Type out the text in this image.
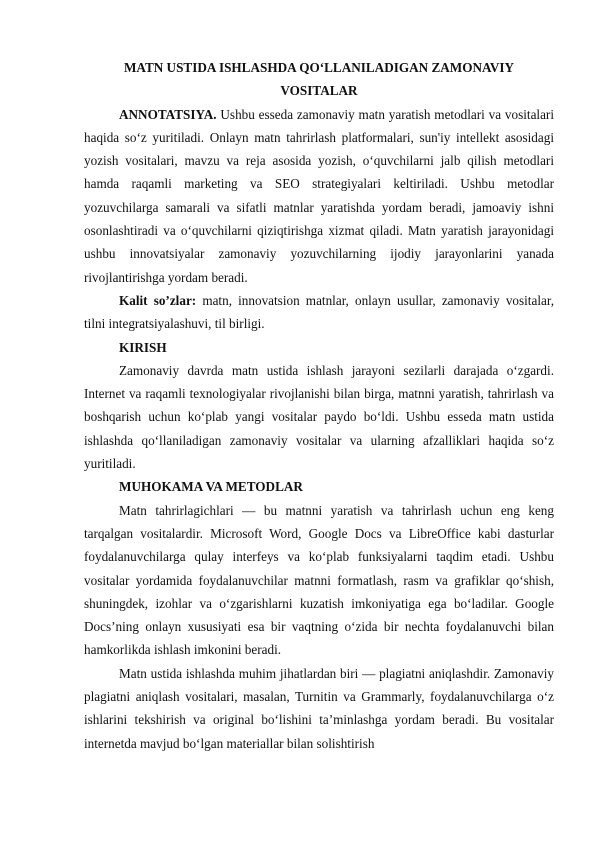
MATN USTIDA ISHLASHDA QO‘LLANILADIGAN ZAMONAVIY VOSITALAR

ANNOTATSIYA. Ushbu esseda zamonaviy matn yaratish metodlari va vositalari haqida so‘z yuritiladi. Onlayn matn tahrirlash platformalari, sun'iy intellekt asosidagi yozish vositalari, mavzu va reja asosida yozish, o‘quvchilarni jalb qilish metodlari hamda raqamli marketing va SEO strategiyalari keltiriladi. Ushbu metodlar yozuvchilarga samarali va sifatli matnlar yaratishda yordam beradi, jamoaviy ishni osonlashtiradi va o‘quvchilarni qiziqtirishga xizmat qiladi. Matn yaratish jarayonidagi ushbu innovatsiyalar zamonaviy yozuvchilarning ijodiy jarayonlarini yanada rivojlantirishga yordam beradi.

Kalit so’zlar: matn, innovatsion matnlar, onlayn usullar, zamonaviy vositalar, tilni integratsiyalashuvi, til birligi.

KIRISH

Zamonaviy davrda matn ustida ishlash jarayoni sezilarli darajada o‘zgardi. Internet va raqamli texnologiyalar rivojlanishi bilan birga, matnni yaratish, tahrirlash va boshqarish uchun ko‘plab yangi vositalar paydo bo‘ldi. Ushbu esseda matn ustida ishlashda qo‘llaniladigan zamonaviy vositalar va ularning afzalliklari haqida so‘z yuritiladi.

MUHOKAMA VA METODLAR

Matn tahrirlagichlari — bu matnni yaratish va tahrirlash uchun eng keng tarqalgan vositalardir. Microsoft Word, Google Docs va LibreOffice kabi dasturlar foydalanuvchilarga qulay interfeys va ko‘plab funksiyalarni taqdim etadi. Ushbu vositalar yordamida foydalanuvchilar matnni formatlash, rasm va grafiklar qo‘shish, shuningdek, izohlar va o‘zgarishlarni kuzatish imkoniyatiga ega bo‘ladilar. Google Docs’ning onlayn xususiyati esa bir vaqtning o‘zida bir nechta foydalanuvchi bilan hamkorlikda ishlash imkonini beradi.

Matn ustida ishlashda muhim jihatlardan biri — plagiatni aniqlashdir. Zamonaviy plagiatni aniqlash vositalari, masalan, Turnitin va Grammarly, foydalanuvchilarga o‘z ishlarini tekshirish va original bo‘lishini ta’minlashga yordam beradi. Bu vositalar internetda mavjud bo‘lgan materiallar bilan solishtirish
